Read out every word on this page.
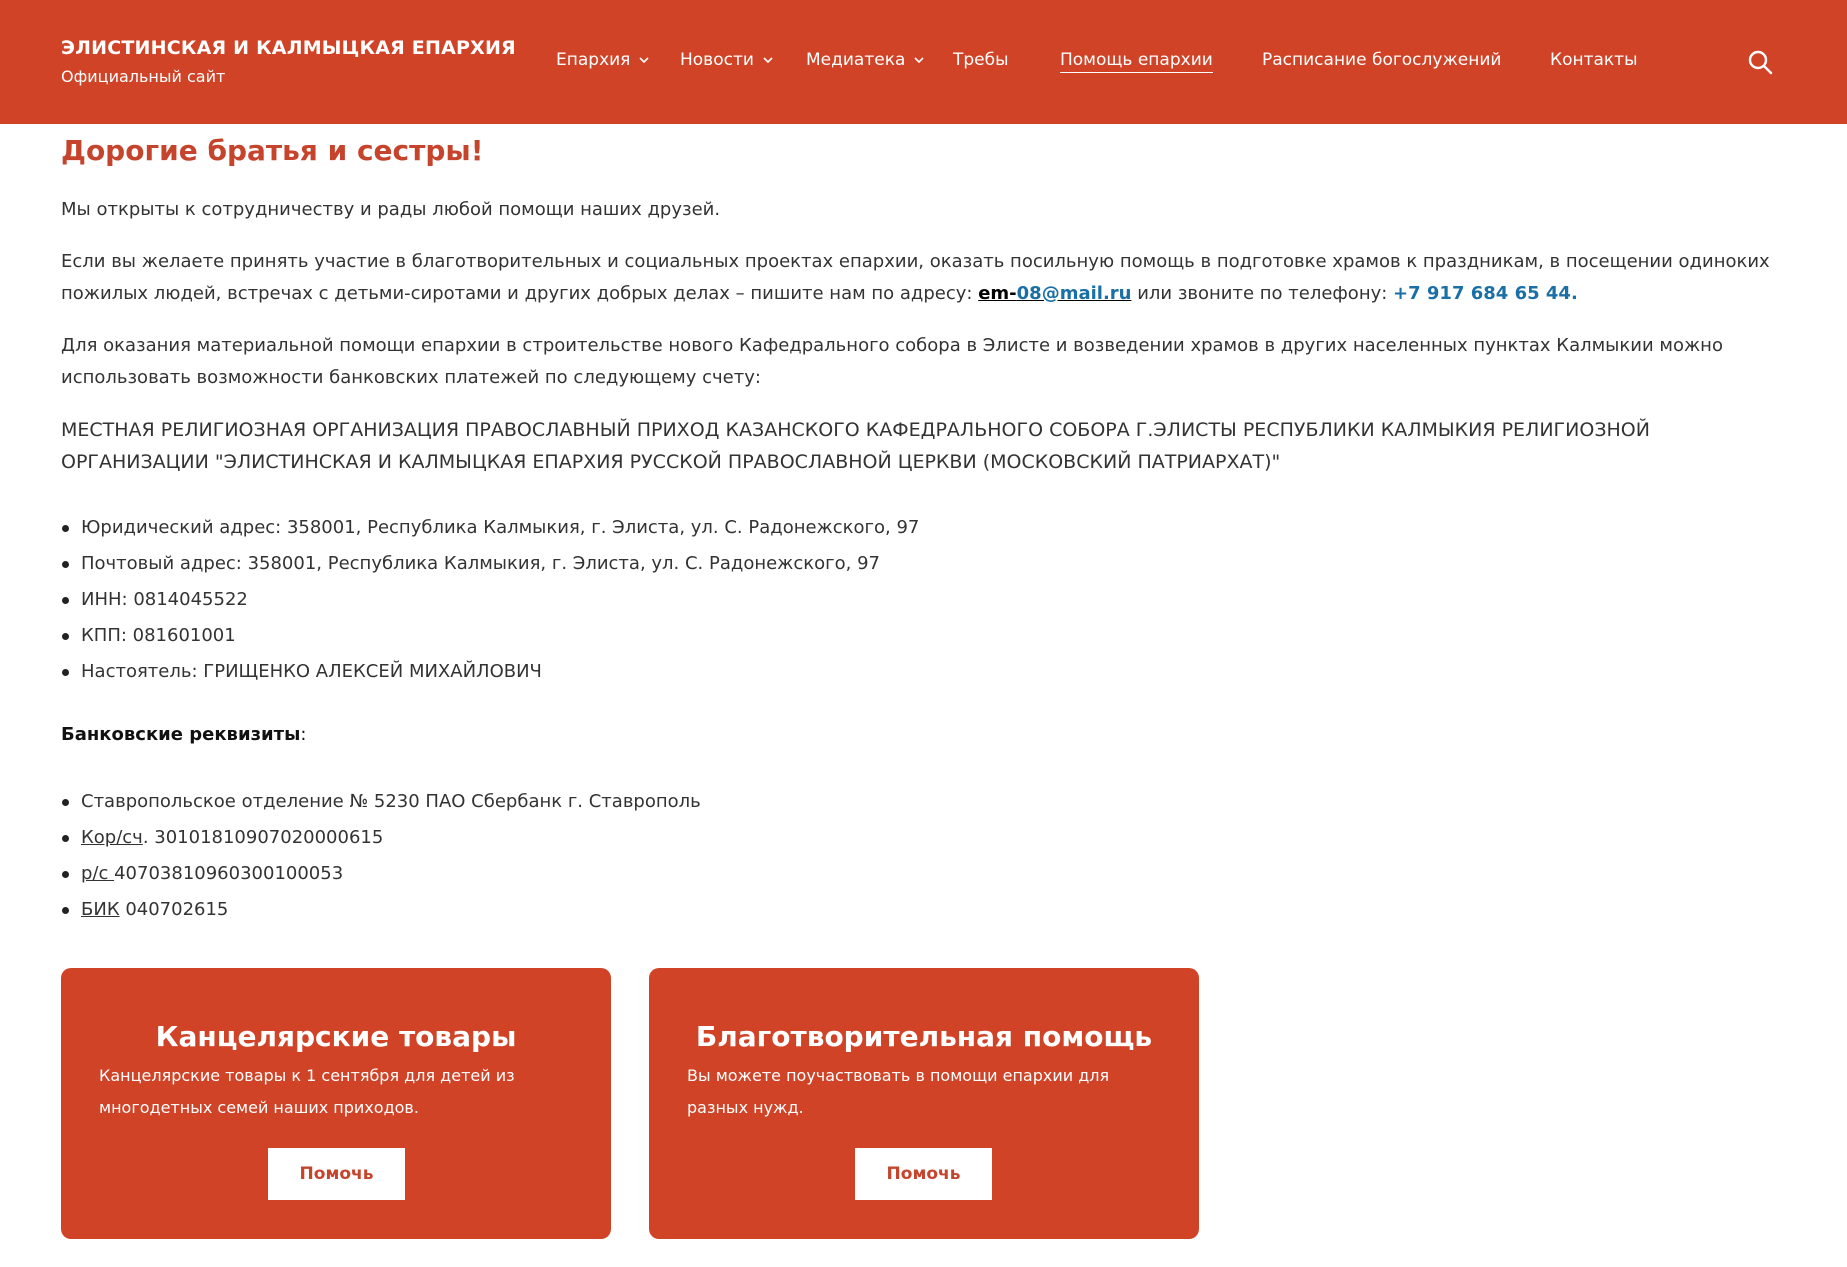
ЭЛИСТИНСКАЯ И КАЛМЫЦКАЯ ЕПАРХИЯ
Официальный сайт
Епархия	Новости	Медиатека	Требы	Помощь епархии	Расписание богослужений	Контакты
Дорогие братья и сестры!

Мы открыты к сотрудничеству и рады любой помощи наших друзей.

Если вы желаете принять участие в благотворительных и социальных проектах епархии, оказать посильную помощь в подготовке храмов к праздникам, в посещении одиноких пожилых людей, встречах с детьми-сиротами и других добрых делах – пишите нам по адресу: em-08@mail.ru или звоните по телефону: +7 917 684 65 44.

Для оказания материальной помощи епархии в строительстве нового Кафедрального собора в Элисте и возведении храмов в других населенных пунктах Калмыкии можно использовать возможности банковских платежей по следующему счету:

МЕСТНАЯ РЕЛИГИОЗНАЯ ОРГАНИЗАЦИЯ ПРАВОСЛАВНЫЙ ПРИХОД КАЗАНСКОГО КАФЕДРАЛЬНОГО СОБОРА Г.ЭЛИСТЫ РЕСПУБЛИКИ КАЛМЫКИЯ РЕЛИГИОЗНОЙ ОРГАНИЗАЦИИ "ЭЛИСТИНСКАЯ И КАЛМЫЦКАЯ ЕПАРХИЯ РУССКОЙ ПРАВОСЛАВНОЙ ЦЕРКВИ (МОСКОВСКИЙ ПАТРИАРХАТ)"

Юридический адрес: 358001, Республика Калмыкия, г. Элиста, ул. С. Радонежского, 97
Почтовый адрес: 358001, Республика Калмыкия, г. Элиста, ул. С. Радонежского, 97
ИНН: 0814045522
КПП: 081601001
Настоятель: ГРИЩЕНКО АЛЕКСЕЙ МИХАЙЛОВИЧ
Банковские реквизиты:
Ставропольское отделение № 5230 ПАО Сбербанк г. Ставрополь
Кор/сч. 30101810907020000615
р/с 40703810960300100053
БИК 040702615
Канцелярские товары
Канцелярские товары к 1 сентября для детей из многодетных семей наших приходов.
Помочь
Благотворительная помощь
Вы можете поучаствовать в помощи епархии для разных нужд.
Помочь
